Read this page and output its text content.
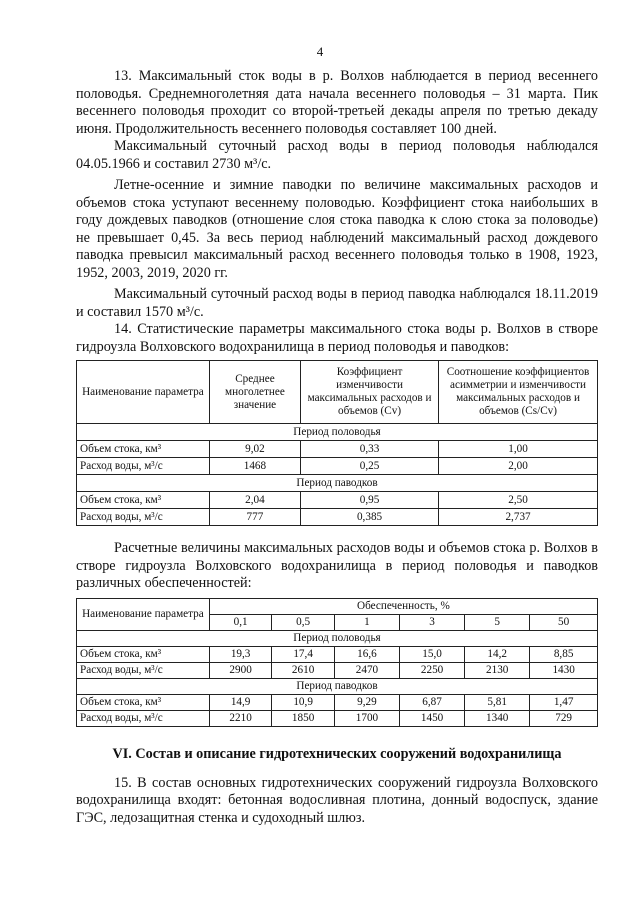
4

13. Максимальный сток воды в р. Волхов наблюдается в период весеннего половодья. Среднемноголетняя дата начала весеннего половодья – 31 марта. Пик весеннего половодья проходит со второй-третьей декады апреля по третью декаду июня. Продолжительность весеннего половодья составляет 100 дней.

Максимальный суточный расход воды в период половодья наблюдался 04.05.1966 и составил 2730 м³/с.

Летне-осенние и зимние паводки по величине максимальных расходов и объемов стока уступают весеннему половодью. Коэффициент стока наибольших в году дождевых паводков (отношение слоя стока паводка к слою стока за половодье) не превышает 0,45. За весь период наблюдений максимальный расход дождевого паводка превысил максимальный расход весеннего половодья только в 1908, 1923, 1952, 2003, 2019, 2020 гг.

Максимальный суточный расход воды в период паводка наблюдался 18.11.2019 и составил 1570 м³/с.

14. Статистические параметры максимального стока воды р. Волхов в створе гидроузла Волховского водохранилища в период половодья и паводков:

Наименование параметра	Среднее многолетнее значение	Коэффициент изменчивости максимальных расходов и объемов (Cv)	Соотношение коэффициентов асимметрии и изменчивости максимальных расходов и объемов (Cs/Cv)
Период половодья			
Объем стока, км³	9,02	0,33	1,00
Расход воды, м³/с	1468	0,25	2,00
Период паводков			
Объем стока, км³	2,04	0,95	2,50
Расход воды, м³/с	777	0,385	2,737

Расчетные величины максимальных расходов воды и объемов стока р. Волхов в створе гидроузла Волховского водохранилища в период половодья и паводков различных обеспеченностей:

Наименование параметра	Обеспеченность, %					
	0,1	0,5	1	3	5	50
Период половодья						
Объем стока, км³	19,3	17,4	16,6	15,0	14,2	8,85
Расход воды, м³/с	2900	2610	2470	2250	2130	1430
Период паводков						
Объем стока, км³	14,9	10,9	9,29	6,87	5,81	1,47
Расход воды, м³/с	2210	1850	1700	1450	1340	729
VI. Состав и описание гидротехнических сооружений водохранилища

15. В состав основных гидротехнических сооружений гидроузла Волховского водохранилища входят: бетонная водосливная плотина, донный водоспуск, здание ГЭС, ледозащитная стенка и судоходный шлюз.
